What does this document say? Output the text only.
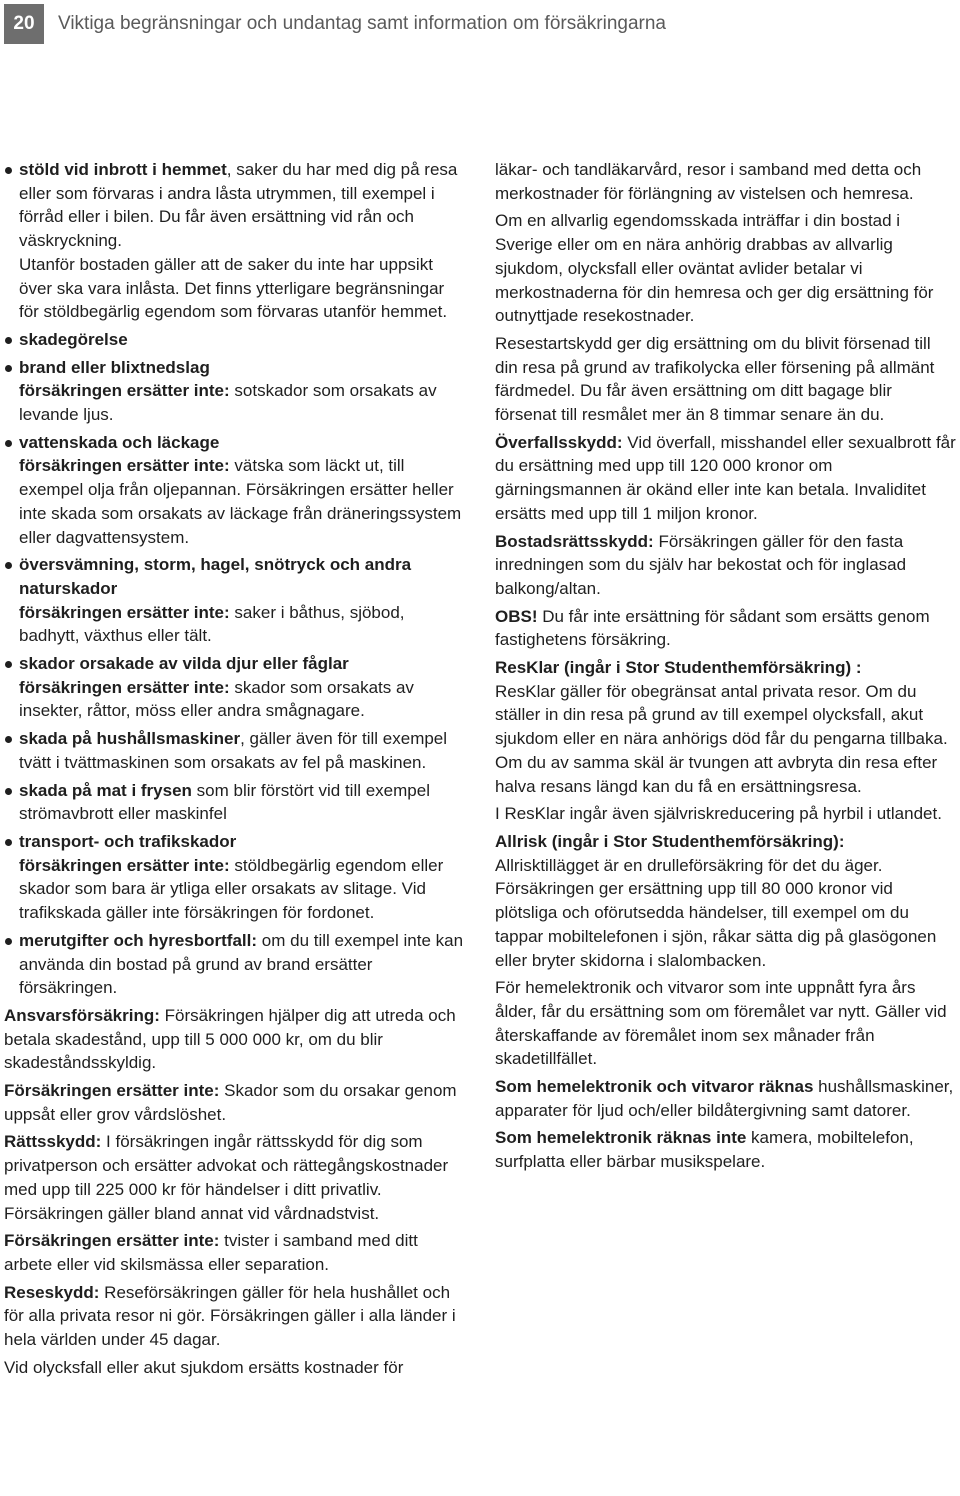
20	Viktiga begränsningar och undantag samt information om försäkringarna

stöld vid inbrott i hemmet, saker du har med dig på resa eller som förvaras i andra låsta utrymmen, till exempel i förråd eller i bilen. Du får även ersättning vid rån och väskryckning.

Utanför bostaden gäller att de saker du inte har uppsikt över ska vara inlåsta. Det finns ytterligare begränsningar för stöldbegärlig egendom som förvaras utanför hemmet.

skadegörelse

brand eller blixtnedslag

försäkringen ersätter inte: sotskador som orsakats av levande ljus.

vattenskada och läckage

försäkringen ersätter inte: vätska som läckt ut, till exempel olja från oljepannan. Försäkringen ersätter heller inte skada som orsakats av läckage från dräneringssystem eller dagvattensystem.

översvämning, storm, hagel, snötryck och andra naturskador

försäkringen ersätter inte: saker i båthus, sjöbod, badhytt, växthus eller tält.

skador orsakade av vilda djur eller fåglar

försäkringen ersätter inte: skador som orsakats av insekter, råttor, möss eller andra smågnagare.

skada på hushållsmaskiner, gäller även för till exempel tvätt i tvättmaskinen som orsakats av fel på maskinen.

skada på mat i frysen som blir förstört vid till exempel strömavbrott eller maskinfel

transport- och trafikskador

försäkringen ersätter inte: stöldbegärlig egendom eller skador som bara är ytliga eller orsakats av slitage. Vid trafikskada gäller inte försäkringen för fordonet.

merutgifter och hyresbortfall: om du till exempel inte kan använda din bostad på grund av brand ersätter försäkringen.

Ansvarsförsäkring: Försäkringen hjälper dig att utreda och betala skadestånd, upp till 5 000 000 kr, om du blir skadeståndsskyldig.

Försäkringen ersätter inte: Skador som du orsakar genom uppsåt eller grov vårdslöshet.

Rättsskydd: I försäkringen ingår rättsskydd för dig som privatperson och ersätter advokat och rättegångskostnader med upp till 225 000 kr för händelser i ditt privatliv. Försäkringen gäller bland annat vid vårdnadstvist.

Försäkringen ersätter inte: tvister i samband med ditt arbete eller vid skilsmässa eller separation.

Reseskydd: Reseförsäkringen gäller för hela hushållet och för alla privata resor ni gör. Försäkringen gäller i alla länder i hela världen under 45 dagar.

Vid olycksfall eller akut sjukdom ersätts kostnader för

läkar- och tandläkarvård, resor i samband med detta och merkostnader för förlängning av vistelsen och hemresa.

Om en allvarlig egendomsskada inträffar i din bostad i Sverige eller om en nära anhörig drabbas av allvarlig sjukdom, olycksfall eller oväntat avlider betalar vi merkostnaderna för din hemresa och ger dig ersättning för outnyttjade resekostnader.

Resestartskydd ger dig ersättning om du blivit försenad till din resa på grund av trafikolycka eller försening på allmänt färdmedel. Du får även ersättning om ditt bagage blir försenat till resmålet mer än 8 timmar senare än du.

Överfallsskydd: Vid överfall, misshandel eller sexualbrott får du ersättning med upp till 120 000 kronor om gärningsmannen är okänd eller inte kan betala. Invaliditet ersätts med upp till 1 miljon kronor.

Bostadsrättsskydd: Försäkringen gäller för den fasta inredningen som du själv har bekostat och för inglasad balkong/altan.

OBS! Du får inte ersättning för sådant som ersätts genom fastighetens försäkring.

ResKlar (ingår i Stor Studenthemförsäkring) :

ResKlar gäller för obegränsat antal privata resor. Om du ställer in din resa på grund av till exempel olycksfall, akut sjukdom eller en nära anhörigs död får du pengarna tillbaka. Om du av samma skäl är tvungen att avbryta din resa efter halva resans längd kan du få en ersättningsresa.

I ResKlar ingår även självriskreducering på hyrbil i utlandet.

Allrisk (ingår i Stor Studenthemförsäkring):

Allrisktillägget är en drulleförsäkring för det du äger. Försäkringen ger ersättning upp till 80 000 kronor vid plötsliga och oförutsedda händelser, till exempel om du tappar mobiltelefonen i sjön, råkar sätta dig på glasögonen eller bryter skidorna i slalombacken.

För hemelektronik och vitvaror som inte uppnått fyra års ålder, får du ersättning som om föremålet var nytt. Gäller vid återskaffande av föremålet inom sex månader från skadetillfället.

Som hemelektronik och vitvaror räknas hushållsmaskiner, apparater för ljud och/eller bildåtergivning samt datorer.

Som hemelektronik räknas inte kamera, mobiltelefon, surfplatta eller bärbar musikspelare.
